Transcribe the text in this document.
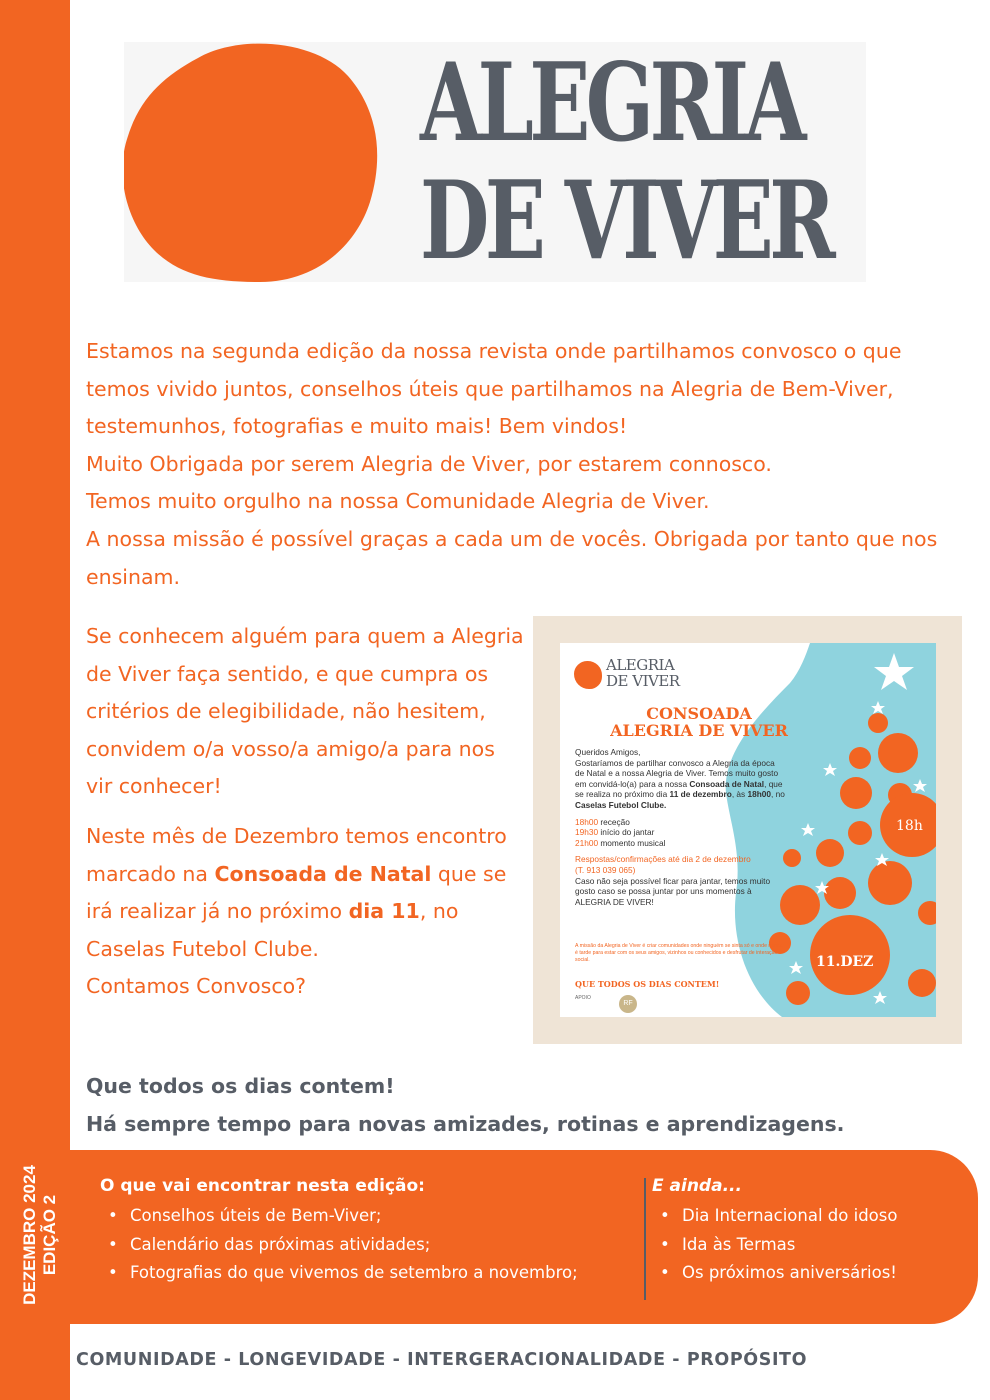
DEZEMBRO 2024 EDIÇÃO 2
ALEGRIA
DE VIVER

Estamos na segunda edição da nossa revista onde partilhamos convosco o que temos vivido juntos, conselhos úteis que partilhamos na Alegria de Bem-Viver, testemunhos, fotografias e muito mais! Bem vindos!

Muito Obrigada por serem Alegria de Viver, por estarem connosco.

Temos muito orgulho na nossa Comunidade Alegria de Viver.

A nossa missão é possível graças a cada um de vocês. Obrigada por tanto que nos ensinam.

Se conhecem alguém para quem a Alegria de Viver faça sentido, e que cumpra os critérios de elegibilidade, não hesitem, convidem o/a vosso/a amigo/a para nos vir conhecer!

Neste mês de Dezembro temos encontro marcado na Consoada de Natal que se irá realizar já no próximo dia 11, no Caselas Futebol Clube.

Contamos Convosco?

ALEGRIA
DE VIVER
CONSOADA
ALEGRIA DE VIVER
Queridos Amigos,
Gostaríamos de partilhar convosco a Alegria da época de Natal e a nossa Alegria de Viver. Temos muito gosto em convidá-lo(a) para a nossa Consoada de Natal, que se realiza no próximo dia 11 de dezembro, às 18h00, no Caselas Futebol Clube.
18h00 receção
19h30 início do jantar
21h00 momento musical
Respostas/confirmações até dia 2 de dezembro
(T. 913 039 065)
Caso não seja possível ficar para jantar, temos muito gosto caso se possa juntar por uns momentos à ALEGRIA DE VIVER!
A missão da Alegria de Viver é criar comunidades onde ninguém se sinta só e onde nunca é tarde para estar com os seus amigos, vizinhos ou conhecidos e desfrutar de interação social.
QUE TODOS OS DIAS CONTEM!
APOIO
RF
18h
11.DEZ

Que todos os dias contem!

Há sempre tempo para novas amizades, rotinas e aprendizagens.

O que vai encontrar nesta edição:
• Conselhos úteis de Bem-Viver;
• Calendário das próximas atividades;
• Fotografias do que vivemos de setembro a novembro;
E ainda...
• Dia Internacional do idoso
• Ida às Termas
• Os próximos aniversários!
COMUNIDADE - LONGEVIDADE - INTERGERACIONALIDADE - PROPÓSITO
